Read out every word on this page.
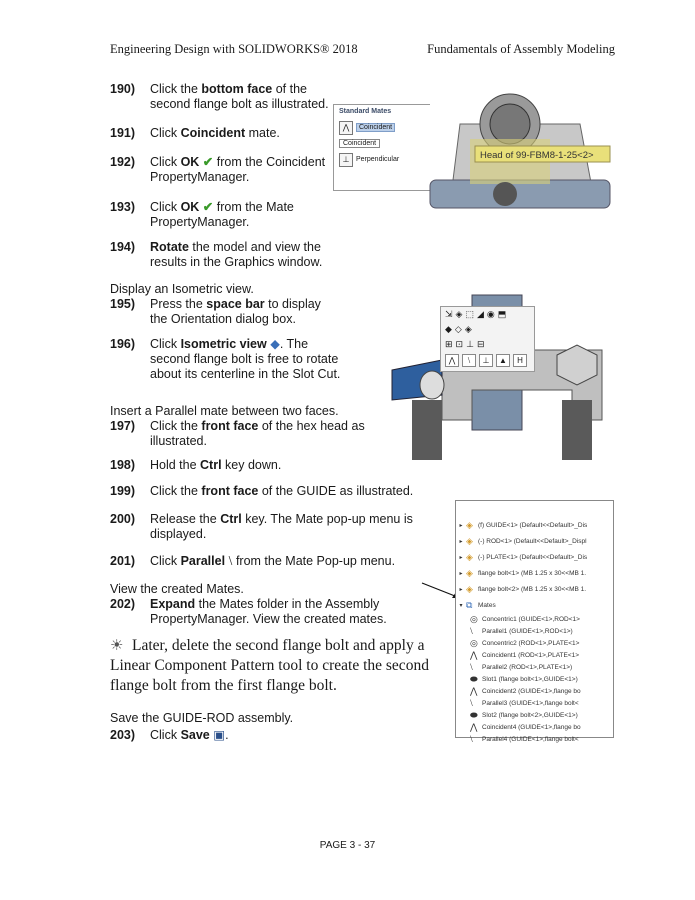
Engineering Design with SOLIDWORKS® 2018	Fundamentals of Assembly Modeling
190) Click the bottom face of the
second flange bolt as illustrated.
191) Click Coincident mate.
192) Click OK ✔ from the Coincident
PropertyManager.
193) Click OK ✔ from the Mate
PropertyManager.
194) Rotate the model and view the
results in the Graphics window.
Display an Isometric view.
195) Press the space bar to display
the Orientation dialog box.
196) Click Isometric view ◆. The
second flange bolt is free to rotate about its centerline in the Slot Cut.
Insert a Parallel mate between two faces.
197) Click the front face of the hex head as
illustrated.
198) Hold the Ctrl key down.
199) Click the front face of the GUIDE as illustrated.
200) Release the Ctrl key. The Mate pop-up menu is
displayed.
201) Click Parallel ⧵ from the Mate Pop-up menu.
View the created Mates.
202) Expand the Mates folder in the Assembly
PropertyManager. View the created mates.
☀ Later, delete the second flange bolt and apply a Linear Component Pattern tool to create the second flange bolt from the first flange bolt.
Save the GUIDE-ROD assembly.
203) Click Save ▣.
Standard Mates
⋀	Coincident
Coincident
⊥ Perpendicular	Head of 99-FBM8-1-25<2>
⇲ ◈ ⬚ ◢ ◉ ⬒
◆ ◇ ◈
⊞ ⊡ ⊥ ⊟
⋀	⧵	⊥	▲	H
▸ ◈ (f) GUIDE<1> (Default<<Default>_Dis
▸ ◈ (-) ROD<1> (Default<<Default>_Displ
▸ ◈ (-) PLATE<1> (Default<<Default>_Dis
▸ ◈ flange bolt<1> (MB 1.25 x 30<<MB 1.
▸ ◈ flange bolt<2> (MB 1.25 x 30<<MB 1.
▾ ⧉ Mates
◎ Concentric1 (GUIDE<1>,ROD<1>
⧵	Parallel1 (GUIDE<1>,ROD<1>)
◎ Concentric2 (ROD<1>,PLATE<1>
⋀ Coincident1 (ROD<1>,PLATE<1>
⧵	Parallel2 (ROD<1>,PLATE<1>)
⬬ Slot1 (flange bolt<1>,GUIDE<1>)
⋀ Coincident2 (GUIDE<1>,flange bo
⧵	Parallel3 (GUIDE<1>,flange bolt<
⬬ Slot2 (flange bolt<2>,GUIDE<1>)
⋀ Coincident4 (GUIDE<1>,flange bo
⧵	Parallel4 (GUIDE<1>,flange bolt<
PAGE 3 - 37
